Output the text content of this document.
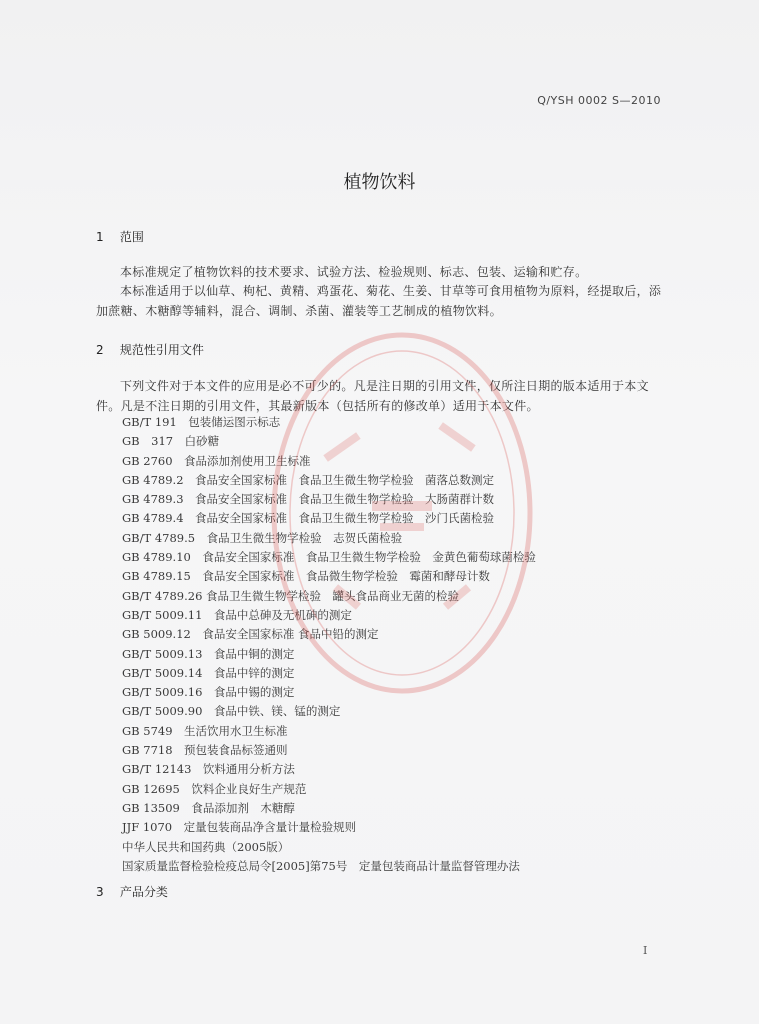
Q/YSH 0002 S—2010
植物饮料
1 范围
本标准规定了植物饮料的技术要求、试验方法、检验规则、标志、包装、运输和贮存。
本标准适用于以仙草、枸杞、黄精、鸡蛋花、菊花、生姜、甘草等可食用植物为原料，经提取后，添加蔗糖、木糖醇等辅料，混合、调制、杀菌、灌装等工艺制成的植物饮料。
2 规范性引用文件
下列文件对于本文件的应用是必不可少的。凡是注日期的引用文件，仅所注日期的版本适用于本文件。凡是不注日期的引用文件，其最新版本（包括所有的修改单）适用于本文件。
GB/T 191　包装储运图示标志
GB　317　白砂糖
GB 2760　食品添加剂使用卫生标准
GB 4789.2　食品安全国家标准　食品卫生微生物学检验　菌落总数测定
GB 4789.3　食品安全国家标准　食品卫生微生物学检验　大肠菌群计数
GB 4789.4　食品安全国家标准　食品卫生微生物学检验　沙门氏菌检验
GB/T 4789.5　食品卫生微生物学检验　志贺氏菌检验
GB 4789.10　食品安全国家标准　食品卫生微生物学检验　金黄色葡萄球菌检验
GB 4789.15　食品安全国家标准　食品微生物学检验　霉菌和酵母计数
GB/T 4789.26 食品卫生微生物学检验　罐头食品商业无菌的检验
GB/T 5009.11　食品中总砷及无机砷的测定
GB 5009.12　食品安全国家标准 食品中铅的测定
GB/T 5009.13　食品中铜的测定
GB/T 5009.14　食品中锌的测定
GB/T 5009.16　食品中锡的测定
GB/T 5009.90　食品中铁、镁、锰的测定
GB 5749　生活饮用水卫生标准
GB 7718　预包装食品标签通则
GB/T 12143　饮料通用分析方法
GB 12695　饮料企业良好生产规范
GB 13509　食品添加剂　木糖醇
JJF 1070　定量包装商品净含量计量检验规则
中华人民共和国药典（2005版）
国家质量监督检验检疫总局令[2005]第75号　定量包装商品计量监督管理办法
3 产品分类
I
